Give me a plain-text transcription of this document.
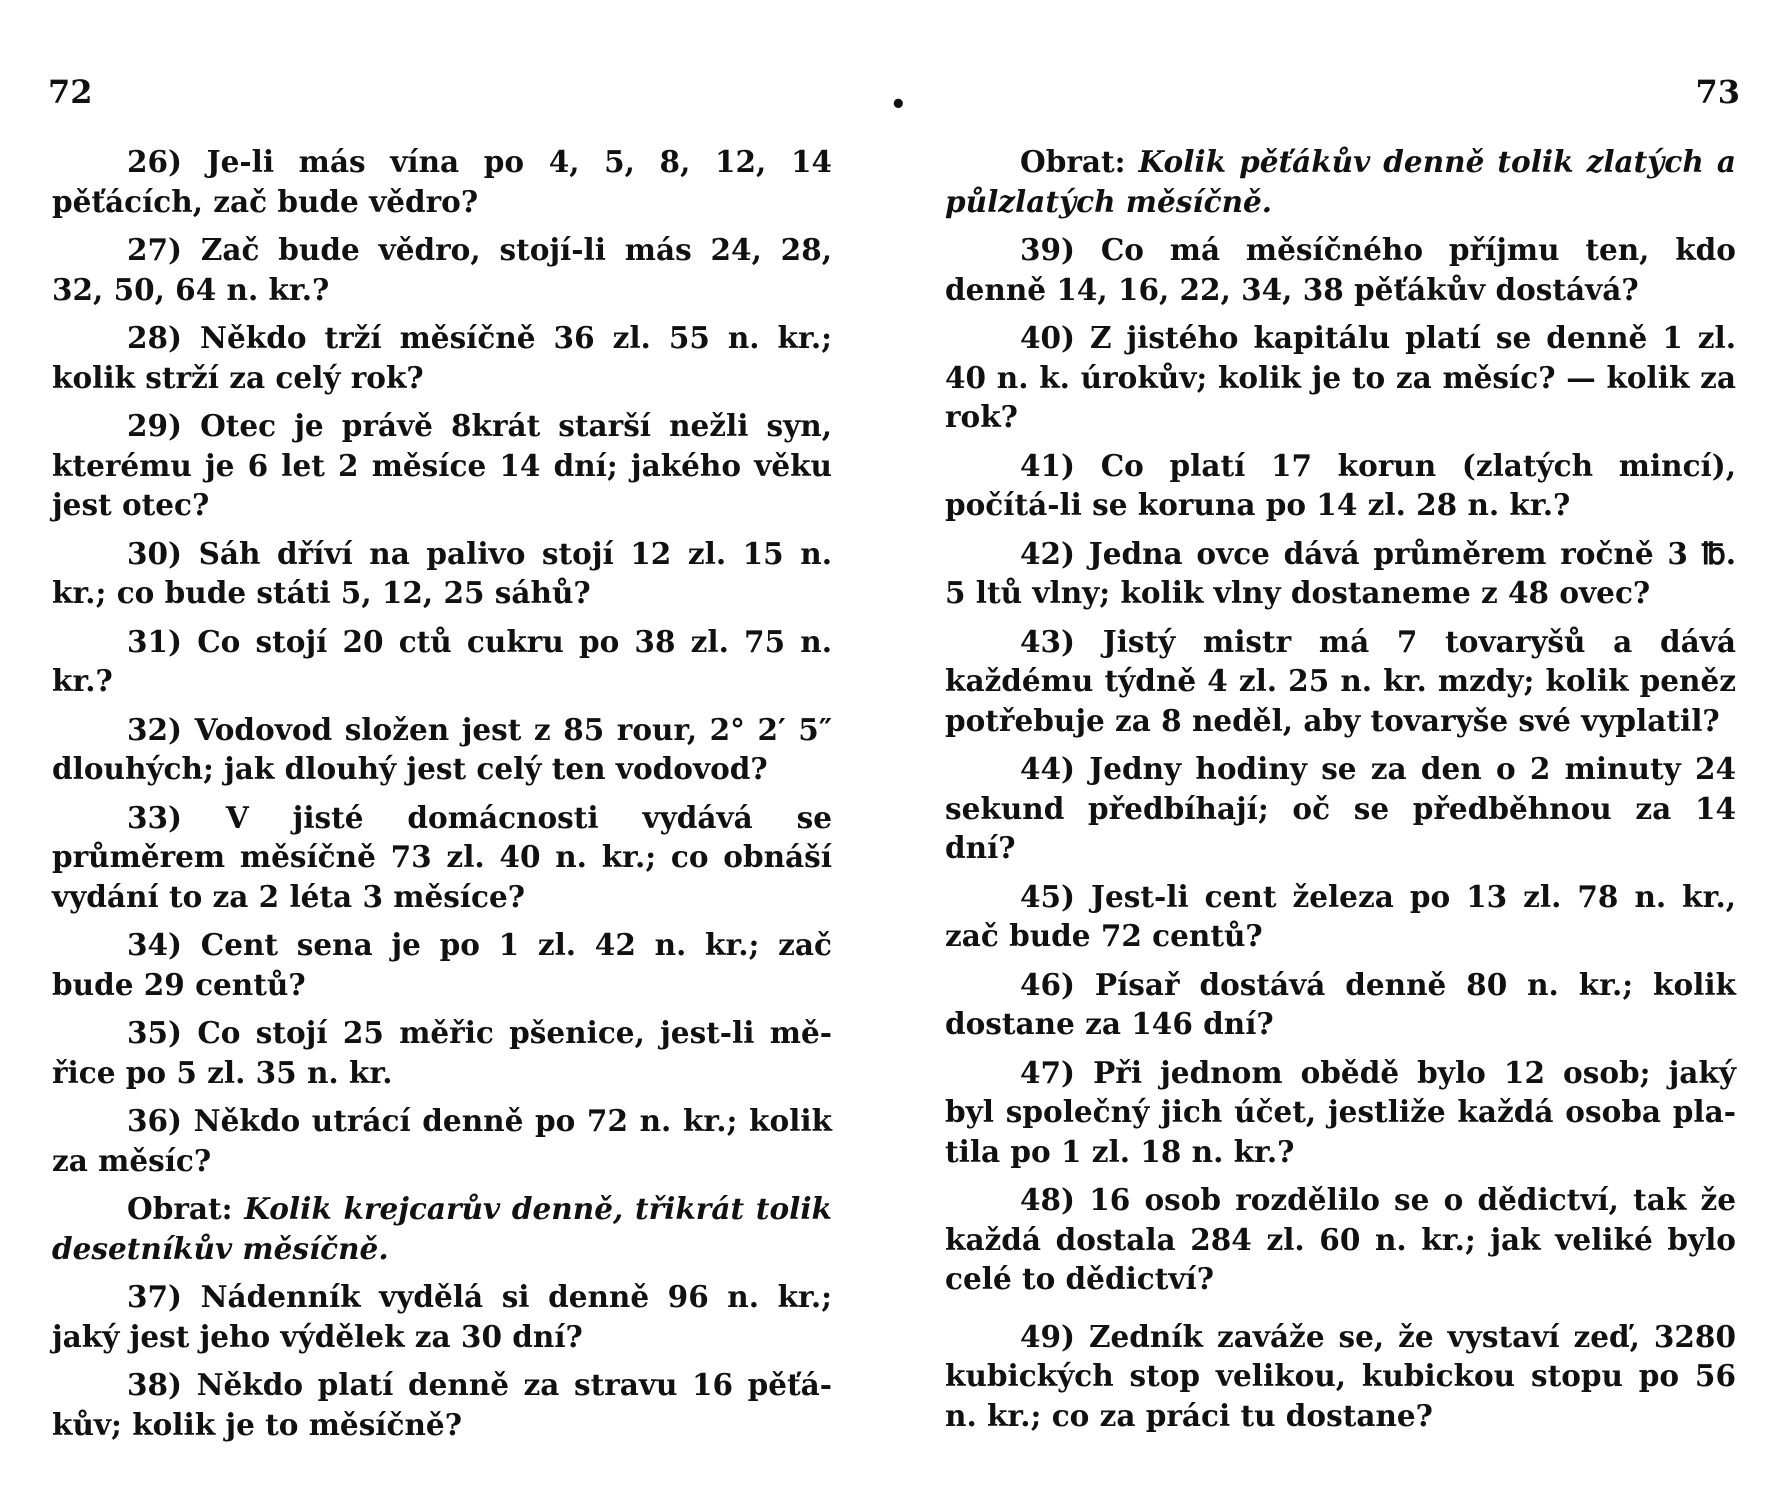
72

26) Je-li más vína po 4, 5, 8, 12, 14 pěťácích, zač bude vědro?

27) Zač bude vědro, stojí-li más 24, 28, 32, 50, 64 n. kr.?

28) Někdo trží měsíčně 36 zl. 55 n. kr.; kolik strží za celý rok?

29) Otec je právě 8krát starší nežli syn, kterému je 6 let 2 měsíce 14 dní; jakého věku jest otec?

30) Sáh dříví na palivo stojí 12 zl. 15 n. kr.; co bude státi 5, 12, 25 sáhů?

31) Co stojí 20 ctů cukru po 38 zl. 75 n. kr.?

32) Vodovod složen jest z 85 rour, 2° 2′ 5″ dlouhých; jak dlouhý jest celý ten vodovod?

33) V jisté domácnosti vydává se průměrem měsíčně 73 zl. 40 n. kr.; co obnáší vydání to za 2 léta 3 měsíce?

34) Cent sena je po 1 zl. 42 n. kr.; zač bude 29 centů?

35) Co stojí 25 měřic pšenice, jest-li měřice po 5 zl. 35 n. kr.

36) Někdo utrácí denně po 72 n. kr.; kolik za měsíc?

Obrat: Kolik krejcarův denně, třikrát tolik desetníkův měsíčně.

37) Nádenník vydělá si denně 96 n. kr.; jaký jest jeho výdělek za 30 dní?

38) Někdo platí denně za stravu 16 pěťákův; kolik je to měsíčně?

•	73

Obrat: Kolik pěťákův denně tolik zlatých a půlzlatých měsíčně.

39) Co má měsíčného příjmu ten, kdo denně 14, 16, 22, 34, 38 pěťákův dostává?

40) Z jistého kapitálu platí se denně 1 zl. 40 n. k. úrokův; kolik je to za měsíc? — kolik za rok?

41) Co platí 17 korun (zlatých mincí), počítá-li se koruna po 14 zl. 28 n. kr.?

42) Jedna ovce dává průměrem ročně 3 ℔. 5 ltů vlny; kolik vlny dostaneme z 48 ovec?

43) Jistý mistr má 7 tovaryšů a dává každému týdně 4 zl. 25 n. kr. mzdy; kolik peněz potřebuje za 8 neděl, aby tovaryše své vyplatil?

44) Jedny hodiny se za den o 2 minuty 24 sekund předbíhají; oč se předběhnou za 14 dní?

45) Jest-li cent železa po 13 zl. 78 n. kr., zač bude 72 centů?

46) Písař dostává denně 80 n. kr.; kolik dostane za 146 dní?

47) Při jednom obědě bylo 12 osob; jaký byl společný jich účet, jestliže každá osoba platila po 1 zl. 18 n. kr.?

48) 16 osob rozdělilo se o dědictví, tak že každá dostala 284 zl. 60 n. kr.; jak veliké bylo celé to dědictví?

49) Zedník zaváže se, že vystaví zeď, 3280 kubických stop velikou, kubickou stopu po 56 n. kr.; co za práci tu dostane?
